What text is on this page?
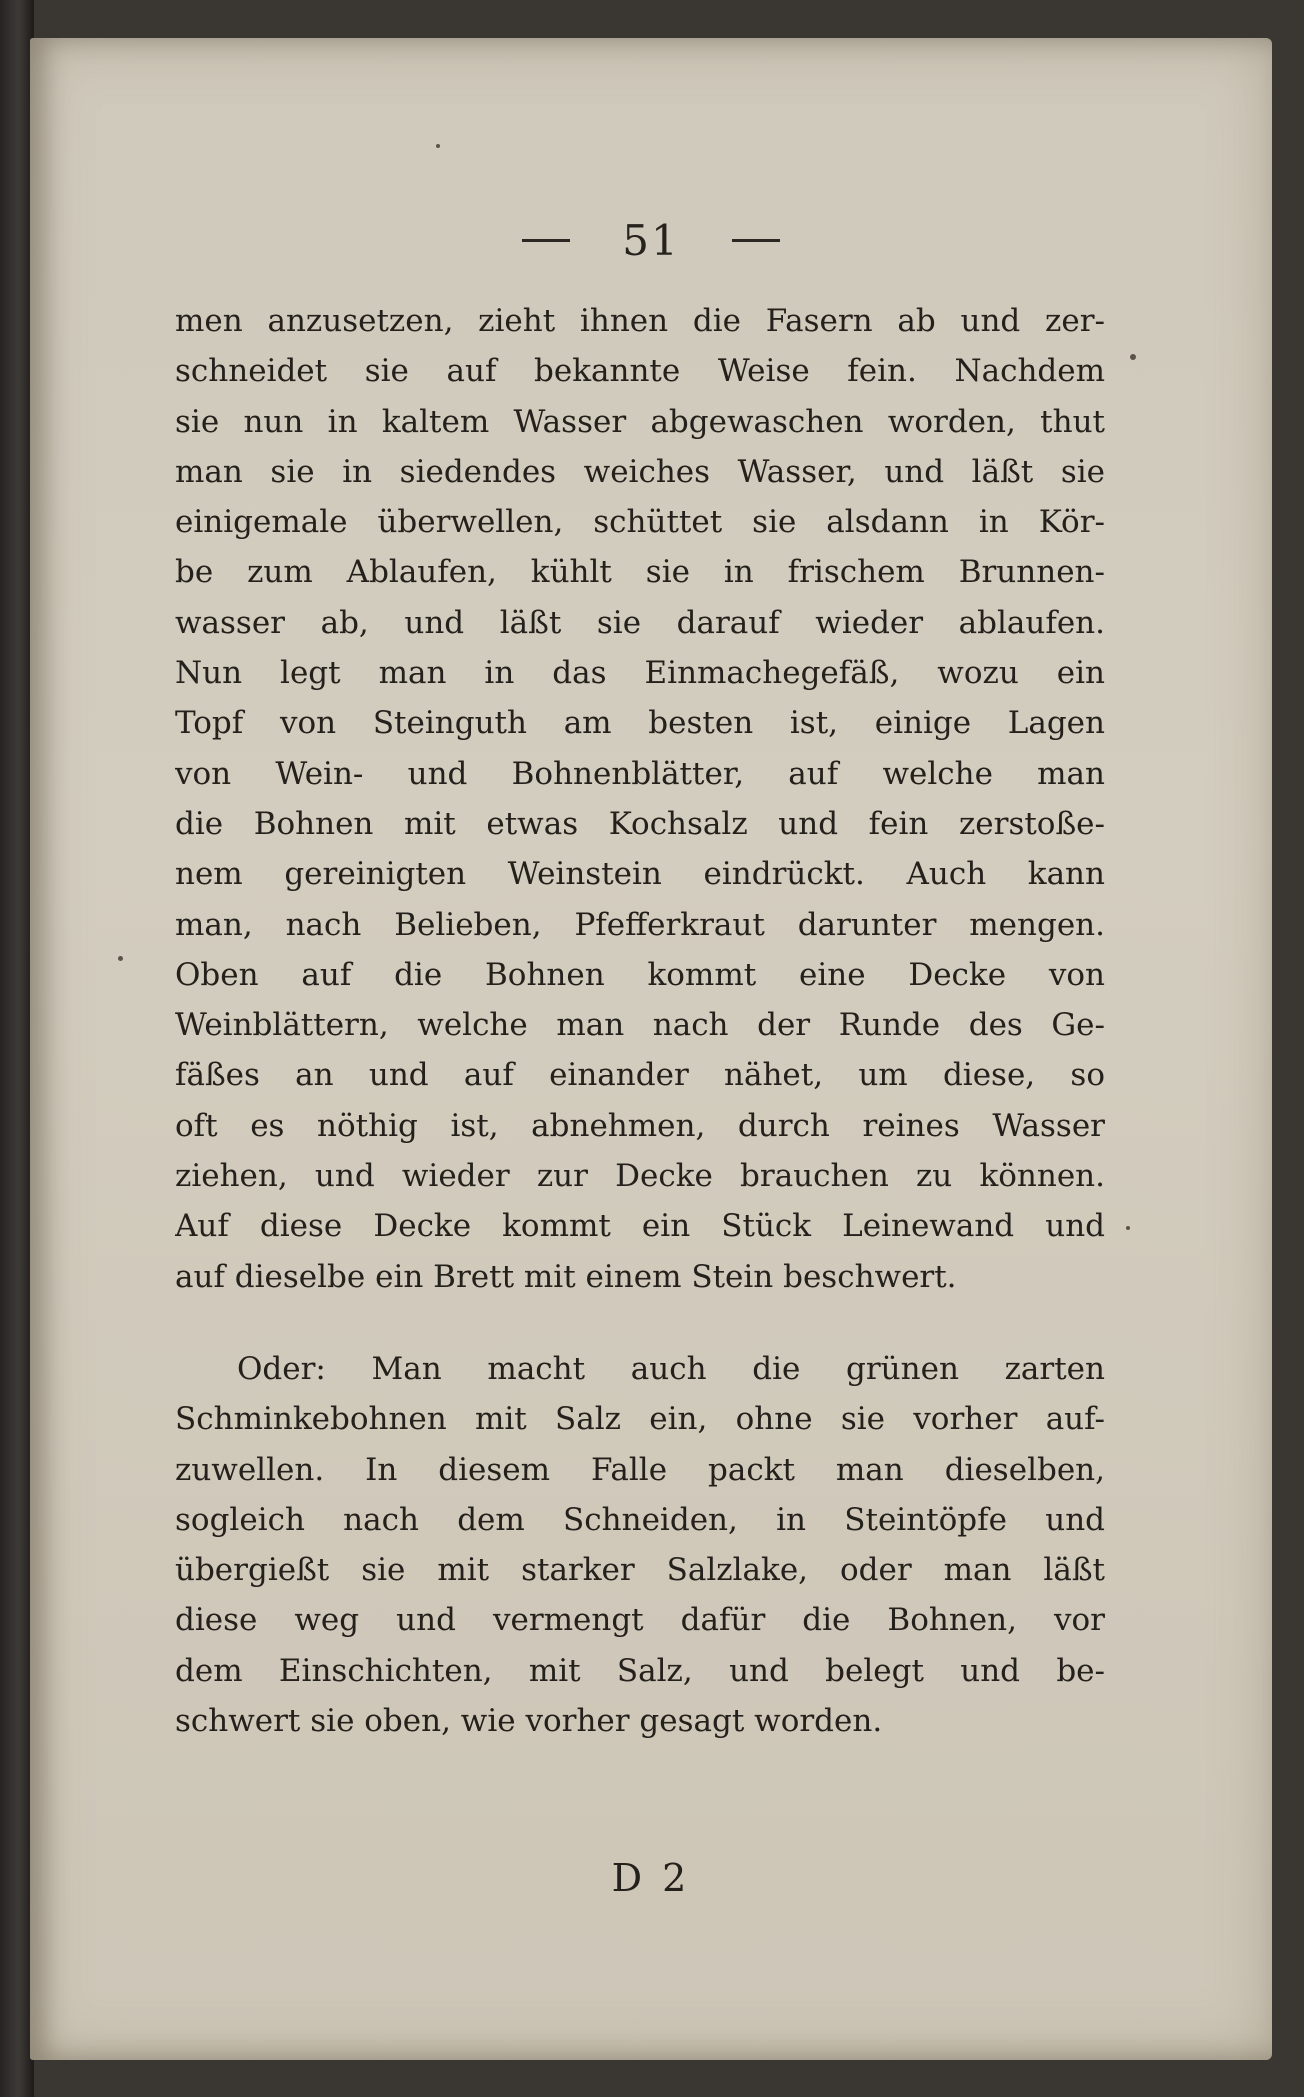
51
men anzusetzen, zieht ihnen die Fasern ab und zer-
schneidet sie auf bekannte Weise fein. Nachdem
sie nun in kaltem Wasser abgewaschen worden, thut
man sie in siedendes weiches Wasser, und läßt sie
einigemale überwellen, schüttet sie alsdann in Kör-
be zum Ablaufen, kühlt sie in frischem Brunnen-
wasser ab, und läßt sie darauf wieder ablaufen.
Nun legt man in das Einmachegefäß, wozu ein
Topf von Steinguth am besten ist, einige Lagen
von Wein- und Bohnenblätter, auf welche man
die Bohnen mit etwas Kochsalz und fein zerstoße-
nem gereinigten Weinstein eindrückt. Auch kann
man, nach Belieben, Pfefferkraut darunter mengen.
Oben auf die Bohnen kommt eine Decke von
Weinblättern, welche man nach der Runde des Ge-
fäßes an und auf einander nähet, um diese, so
oft es nöthig ist, abnehmen, durch reines Wasser
ziehen, und wieder zur Decke brauchen zu können.
Auf diese Decke kommt ein Stück Leinewand und
auf dieselbe ein Brett mit einem Stein beschwert.
Oder: Man macht auch die grünen zarten
Schminkebohnen mit Salz ein, ohne sie vorher auf-
zuwellen. In diesem Falle packt man dieselben,
sogleich nach dem Schneiden, in Steintöpfe und
übergießt sie mit starker Salzlake, oder man läßt
diese weg und vermengt dafür die Bohnen, vor
dem Einschichten, mit Salz, und belegt und be-
schwert sie oben, wie vorher gesagt worden.
D 2
